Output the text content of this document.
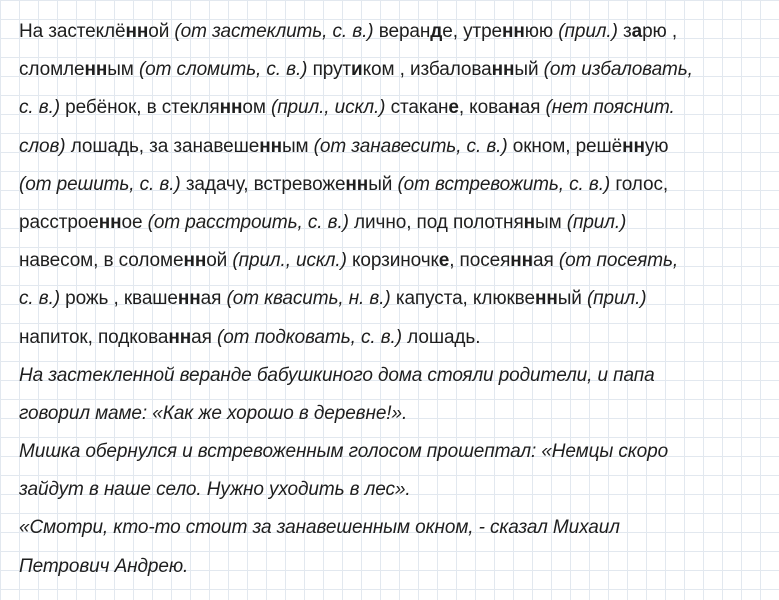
На застеклённой (от застеклить, с. в.) веранде, утреннюю (прил.) зарю ,
сломленным (от сломить, с. в.) прутиком , избалованный (от избаловать,
с. в.) ребёнок, в стеклянном (прил., искл.) стакане, кованая (нет пояснит.
слов) лошадь, за занавешенным (от занавесить, с. в.) окном, решённую
(от решить, с. в.) задачу, встревоженный (от встревожить, с. в.) голос,
расстроенное (от расстроить, с. в.) лично, под полотняным (прил.)
навесом, в соломенной (прил., искл.) корзиночке, посеянная (от посеять,
с. в.) рожь , квашенная (от квасить, н. в.) капуста, клюквенный (прил.)
напиток, подкованная (от подковать, с. в.) лошадь.
На застекленной веранде бабушкиного дома стояли родители, и папа
говорил маме: «Как же хорошо в деревне!».
Мишка обернулся и встревоженным голосом прошептал: «Немцы скоро
зайдут в наше село. Нужно уходить в лес».
«Смотри, кто-то стоит за занавешенным окном, - сказал Михаил
Петрович Андрею.
